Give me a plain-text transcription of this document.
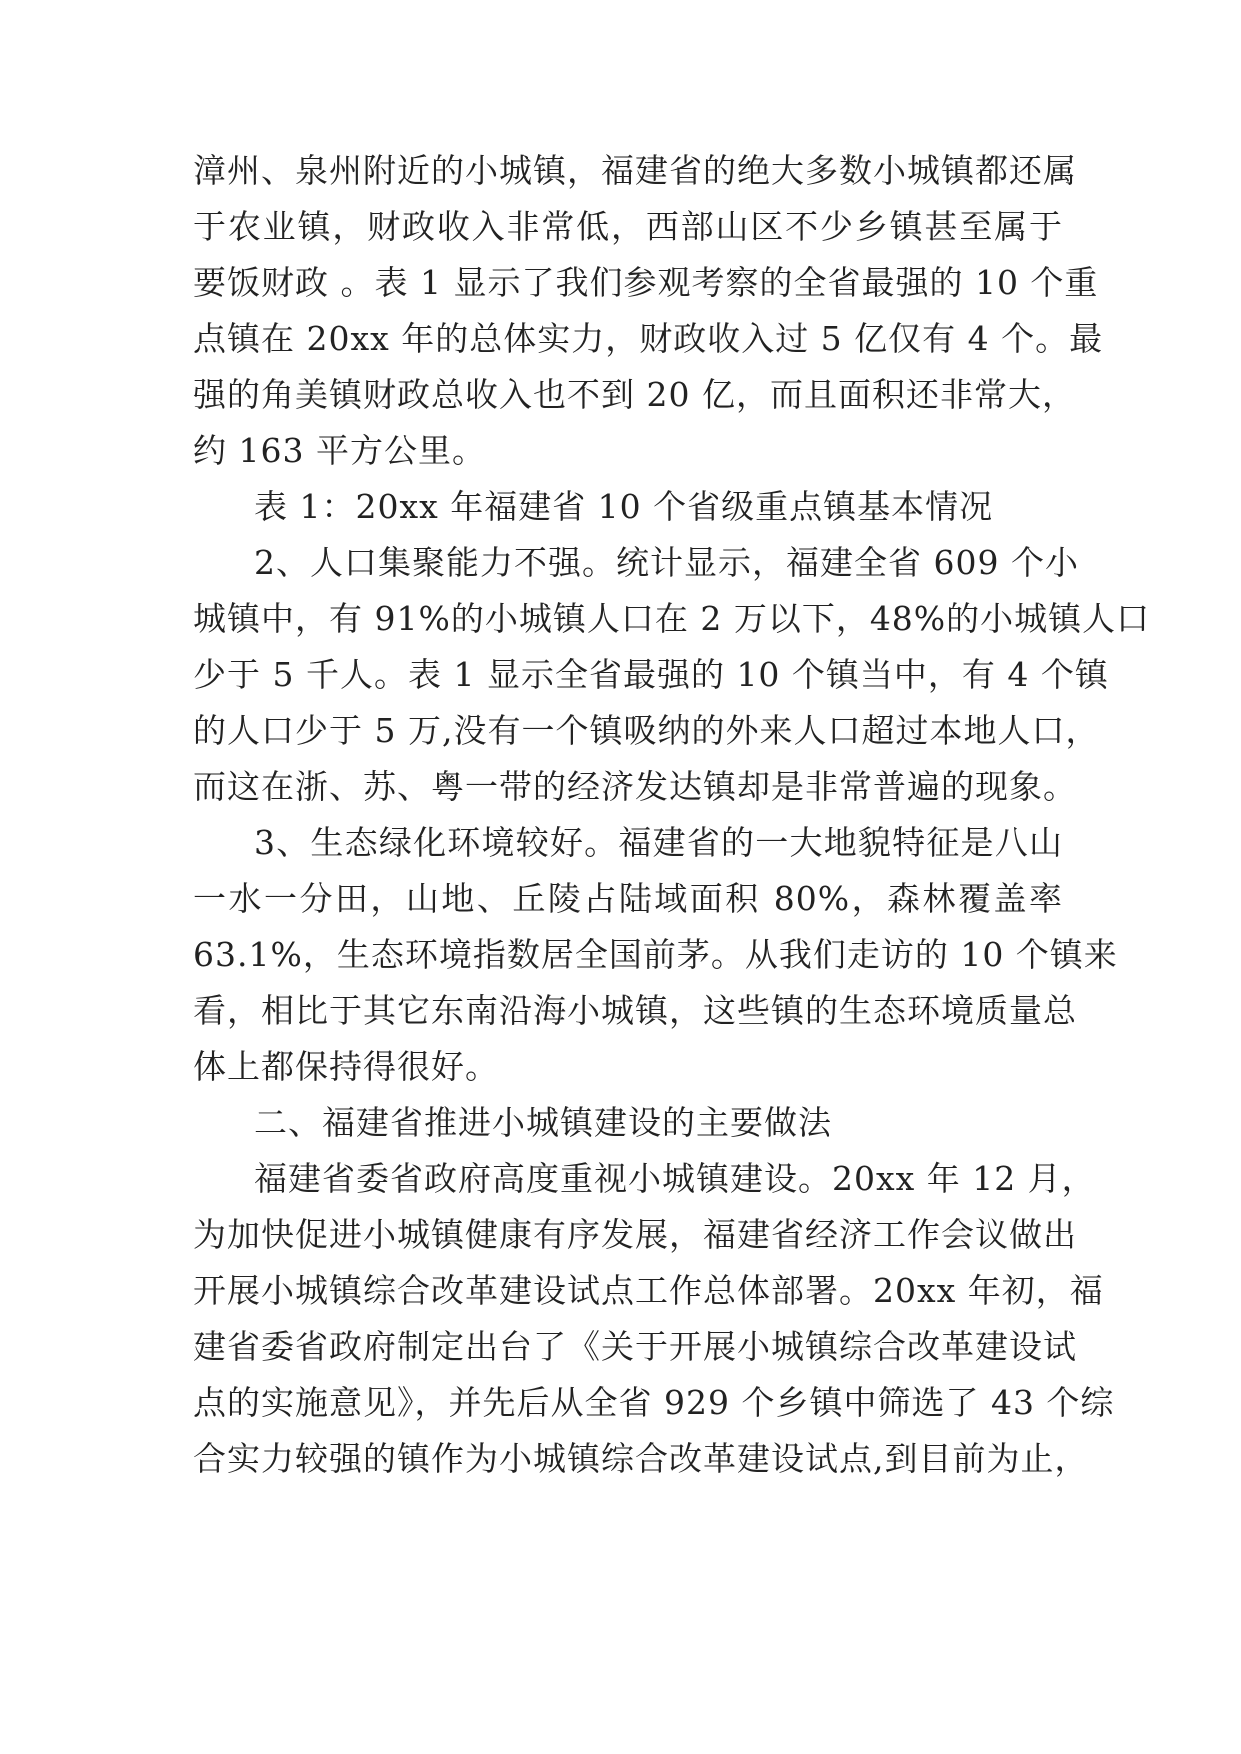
漳州、泉州附近的小城镇，福建省的绝大多数小城镇都还属
于农业镇，财政收入非常低，西部山区不少乡镇甚至属于
要饭财政 。表 1 显示了我们参观考察的全省最强的 10 个重
点镇在 20xx 年的总体实力，财政收入过 5 亿仅有 4 个。最
强的角美镇财政总收入也不到 20 亿，而且面积还非常大，
约 163 平方公里。
表 1：20xx 年福建省 10 个省级重点镇基本情况
2、人口集聚能力不强。统计显示，福建全省 609 个小
城镇中，有 91%的小城镇人口在 2 万以下，48%的小城镇人口
少于 5 千人。表 1 显示全省最强的 10 个镇当中，有 4 个镇
的人口少于 5 万,没有一个镇吸纳的外来人口超过本地人口，
而这在浙、苏、粤一带的经济发达镇却是非常普遍的现象。
3、生态绿化环境较好。福建省的一大地貌特征是八山
一水一分田，山地、丘陵占陆域面积 80%，森林覆盖率
63.1%，生态环境指数居全国前茅。从我们走访的 10 个镇来
看，相比于其它东南沿海小城镇，这些镇的生态环境质量总
体上都保持得很好。
二、福建省推进小城镇建设的主要做法
福建省委省政府高度重视小城镇建设。20xx 年 12 月，
为加快促进小城镇健康有序发展，福建省经济工作会议做出
开展小城镇综合改革建设试点工作总体部署。20xx 年初，福
建省委省政府制定出台了《关于开展小城镇综合改革建设试
点的实施意见》，并先后从全省 929 个乡镇中筛选了 43 个综
合实力较强的镇作为小城镇综合改革建设试点,到目前为止，
